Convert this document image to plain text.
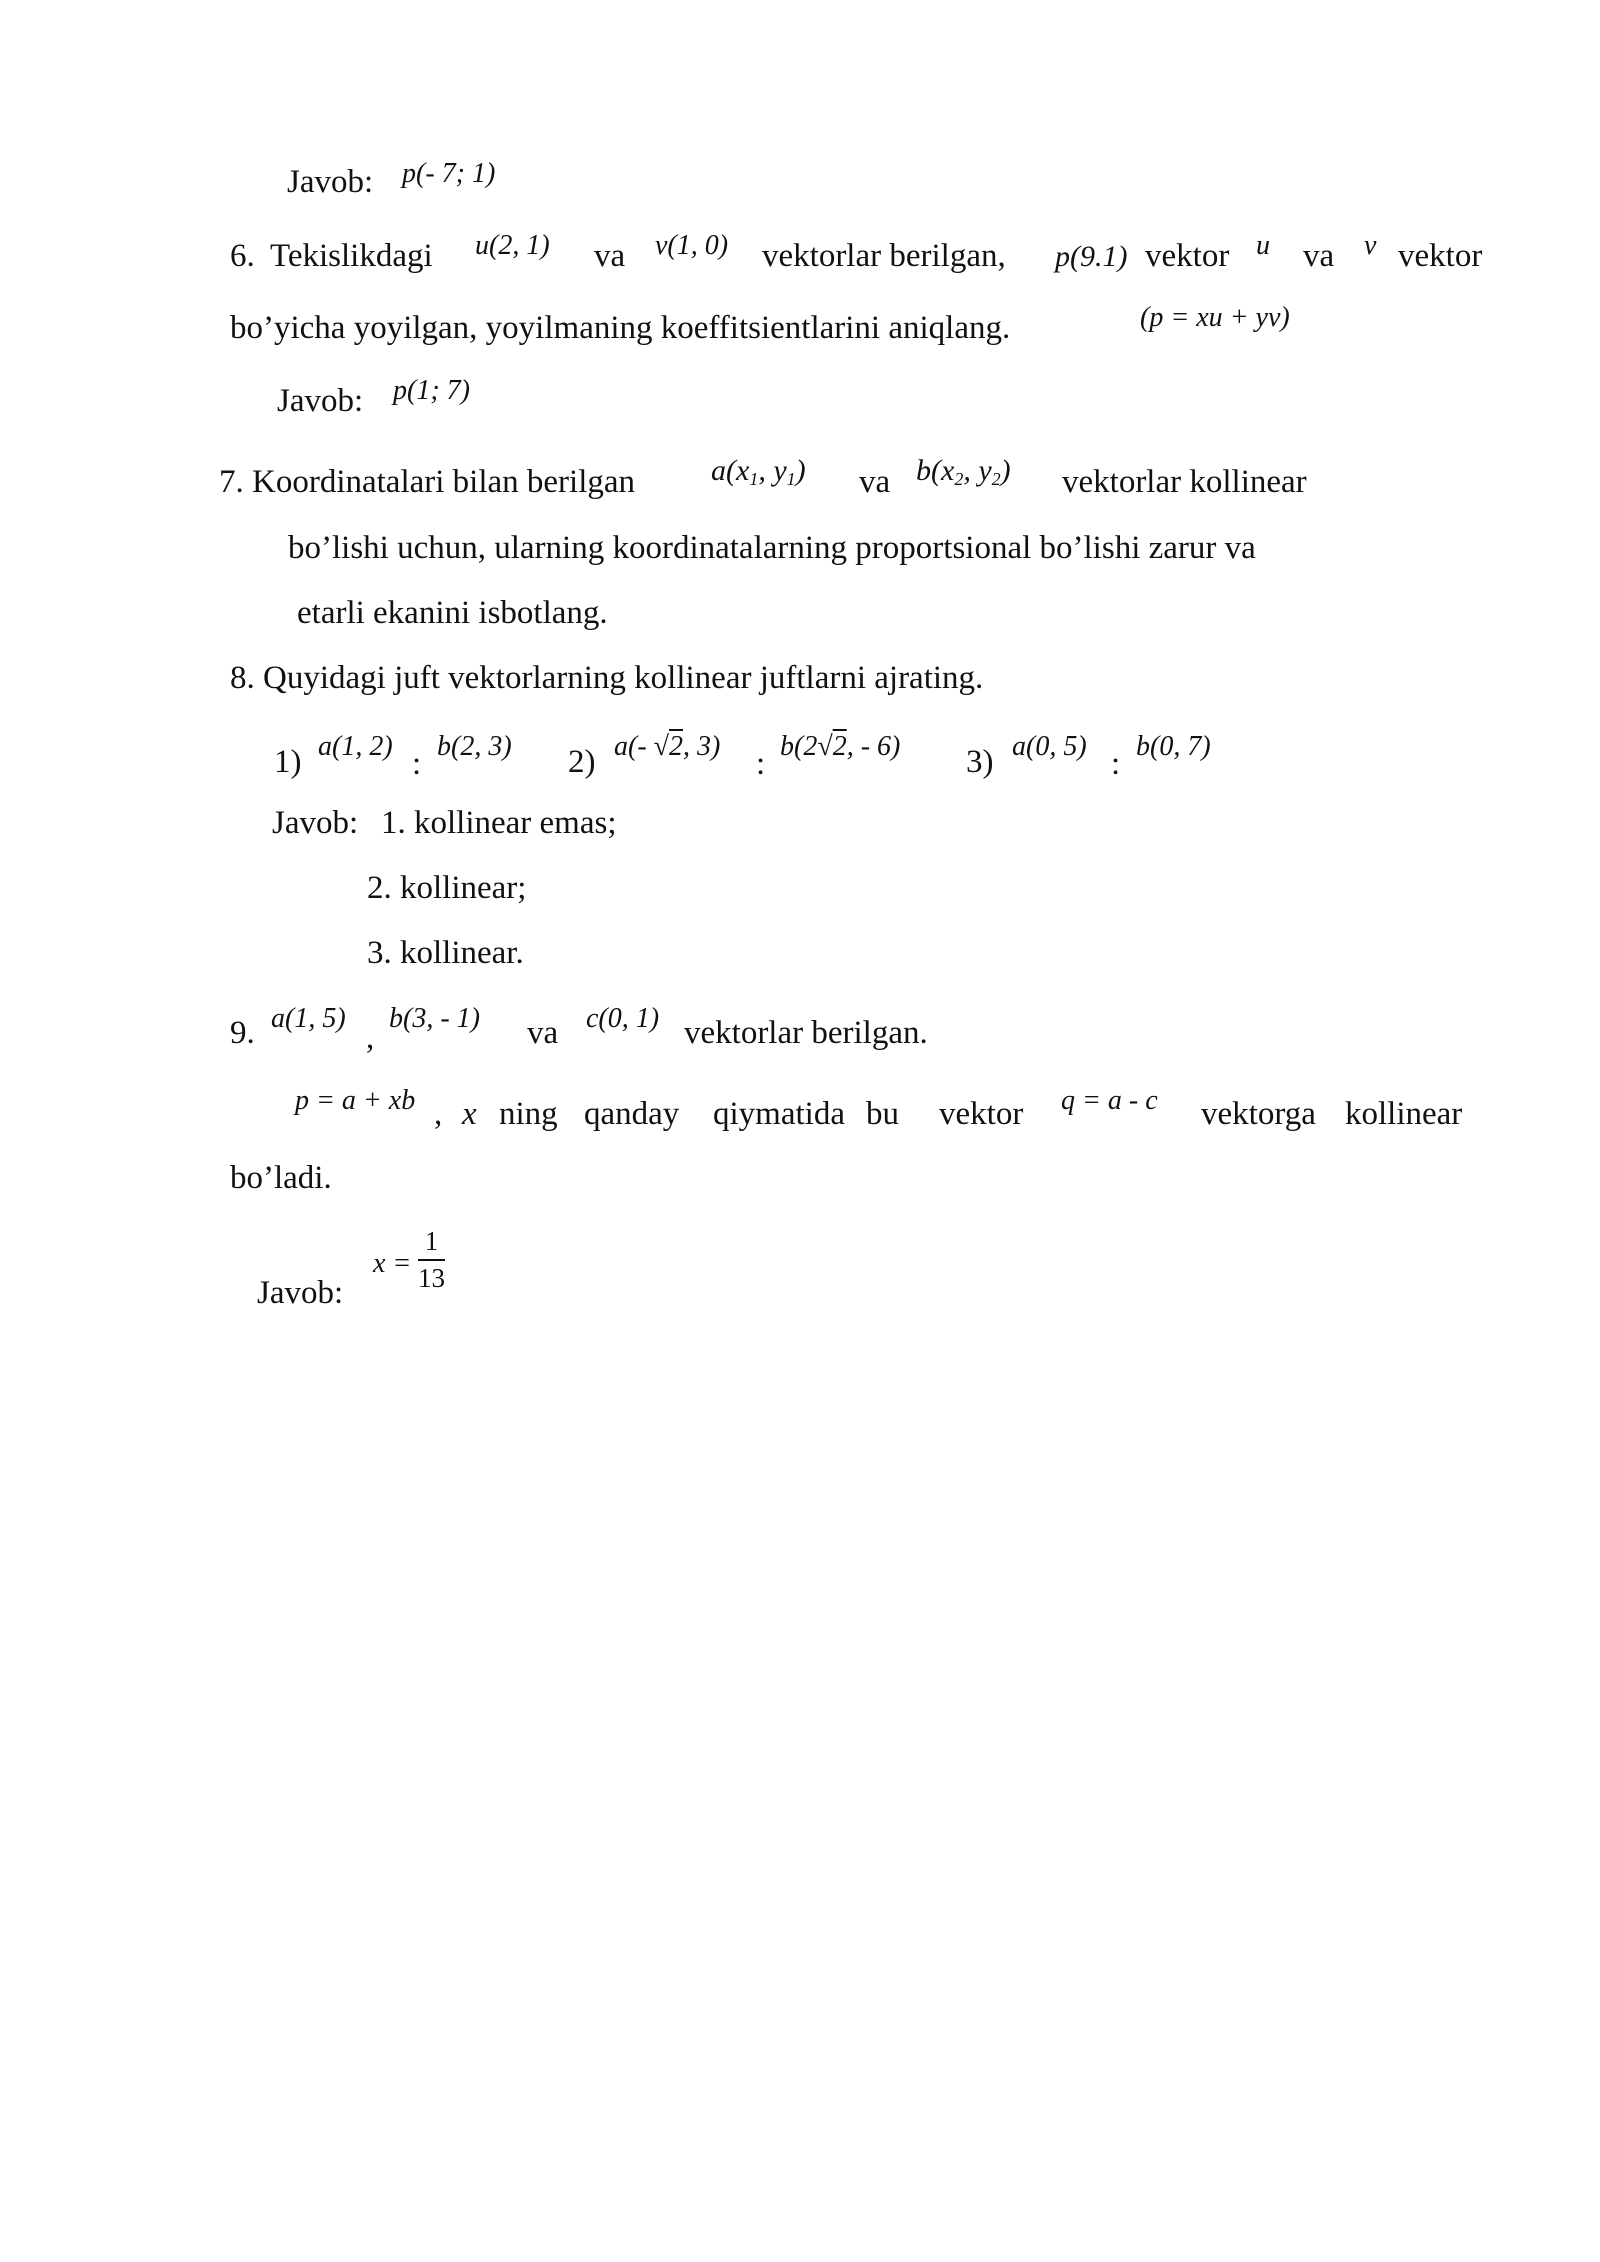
Javob: p(- 7; 1)
6. Tekislikdagi u(2, 1) va v(1, 0) vektorlar berilgan, p(9.1) vektor u va v vektor
bo’yicha yoyilgan, yoyilmaning koeffitsientlarini aniqlang.	(p = xu + yv)
Javob: p(1; 7)
7. Koordinatalari bilan berilgan	$a(x_1$, $y_1$) va $b(x_2$, $y_2$) vektorlar kollinear
bo’lishi uchun, ularning koordinatalarning proportsional bo’lishi zarur va
etarli ekanini isbotlang.
8. Quyidagi juft vektorlarning kollinear juftlarni ajrating.
1) a(1, 2) : b(2, 3) 2) a(- √2, 3) : b(2√2, - 6) 3) a(0, 5) : b(0, 7)
Javob: 1. kollinear emas;
2. kollinear;
3. kollinear.
9. a(1, 5)
,
b(3, - 1) va c(0, 1) vektorlar berilgan.
p = a + xb , x ning qanday qiymatida bu vektor q = a - c vektorga kollinear
bo’ladi.
Javob:
$x = \frac{1}{13}$
